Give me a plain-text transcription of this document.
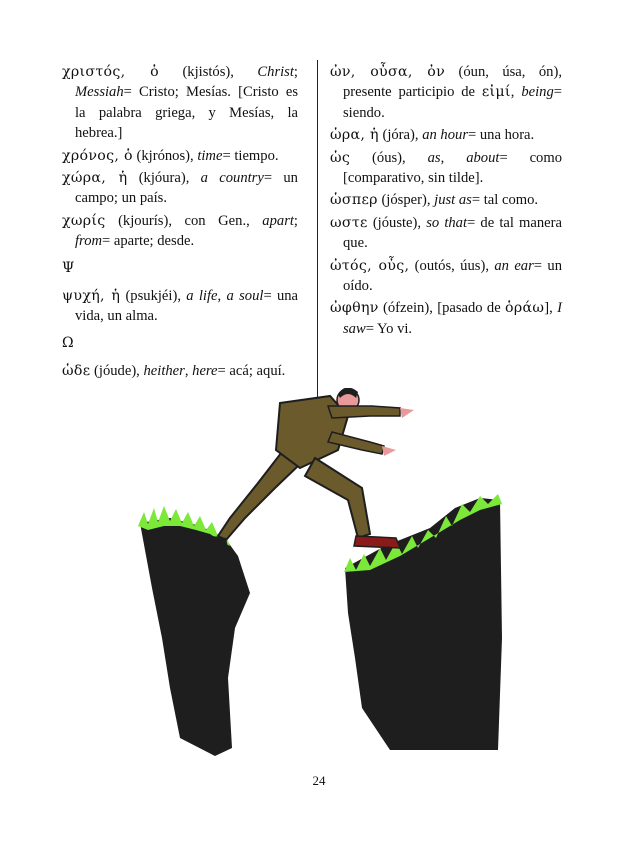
χριστός, ὁ (kjistós), Christ; Messiah= Cristo; Mesías. [Cristo es la palabra griega, y Mesías, la hebrea.]

χρόνος, ὁ (kjrónos), time= tiempo.

χώρα, ἡ (kjóura), a country= un campo; un país.

χωρίς (kjourís), con Gen., apart; from= aparte; desde.

Ψ

ψυχή, ἡ (psukjéi), a life, a soul= una vida, un alma.

Ω

ὡδε (jóude), heither, here= acá; aquí.

ὠν, οὖσα, ὀν (óun, úsa, ón), presente participio de εἰμί, being= siendo.

ὡρα, ἡ (jóra), an hour= una hora.

ὡς (óus), as, about= como [comparativo, sin tilde].

ὡσπερ (jósper), just as= tal como.

ωστε (jóuste), so that= de tal manera que.

ὠτός, οὖς, (outós, úus), an ear= un oído.

ὠφθην (ófzein), [pasado de ὁράω], I saw= Yo vi.

24
